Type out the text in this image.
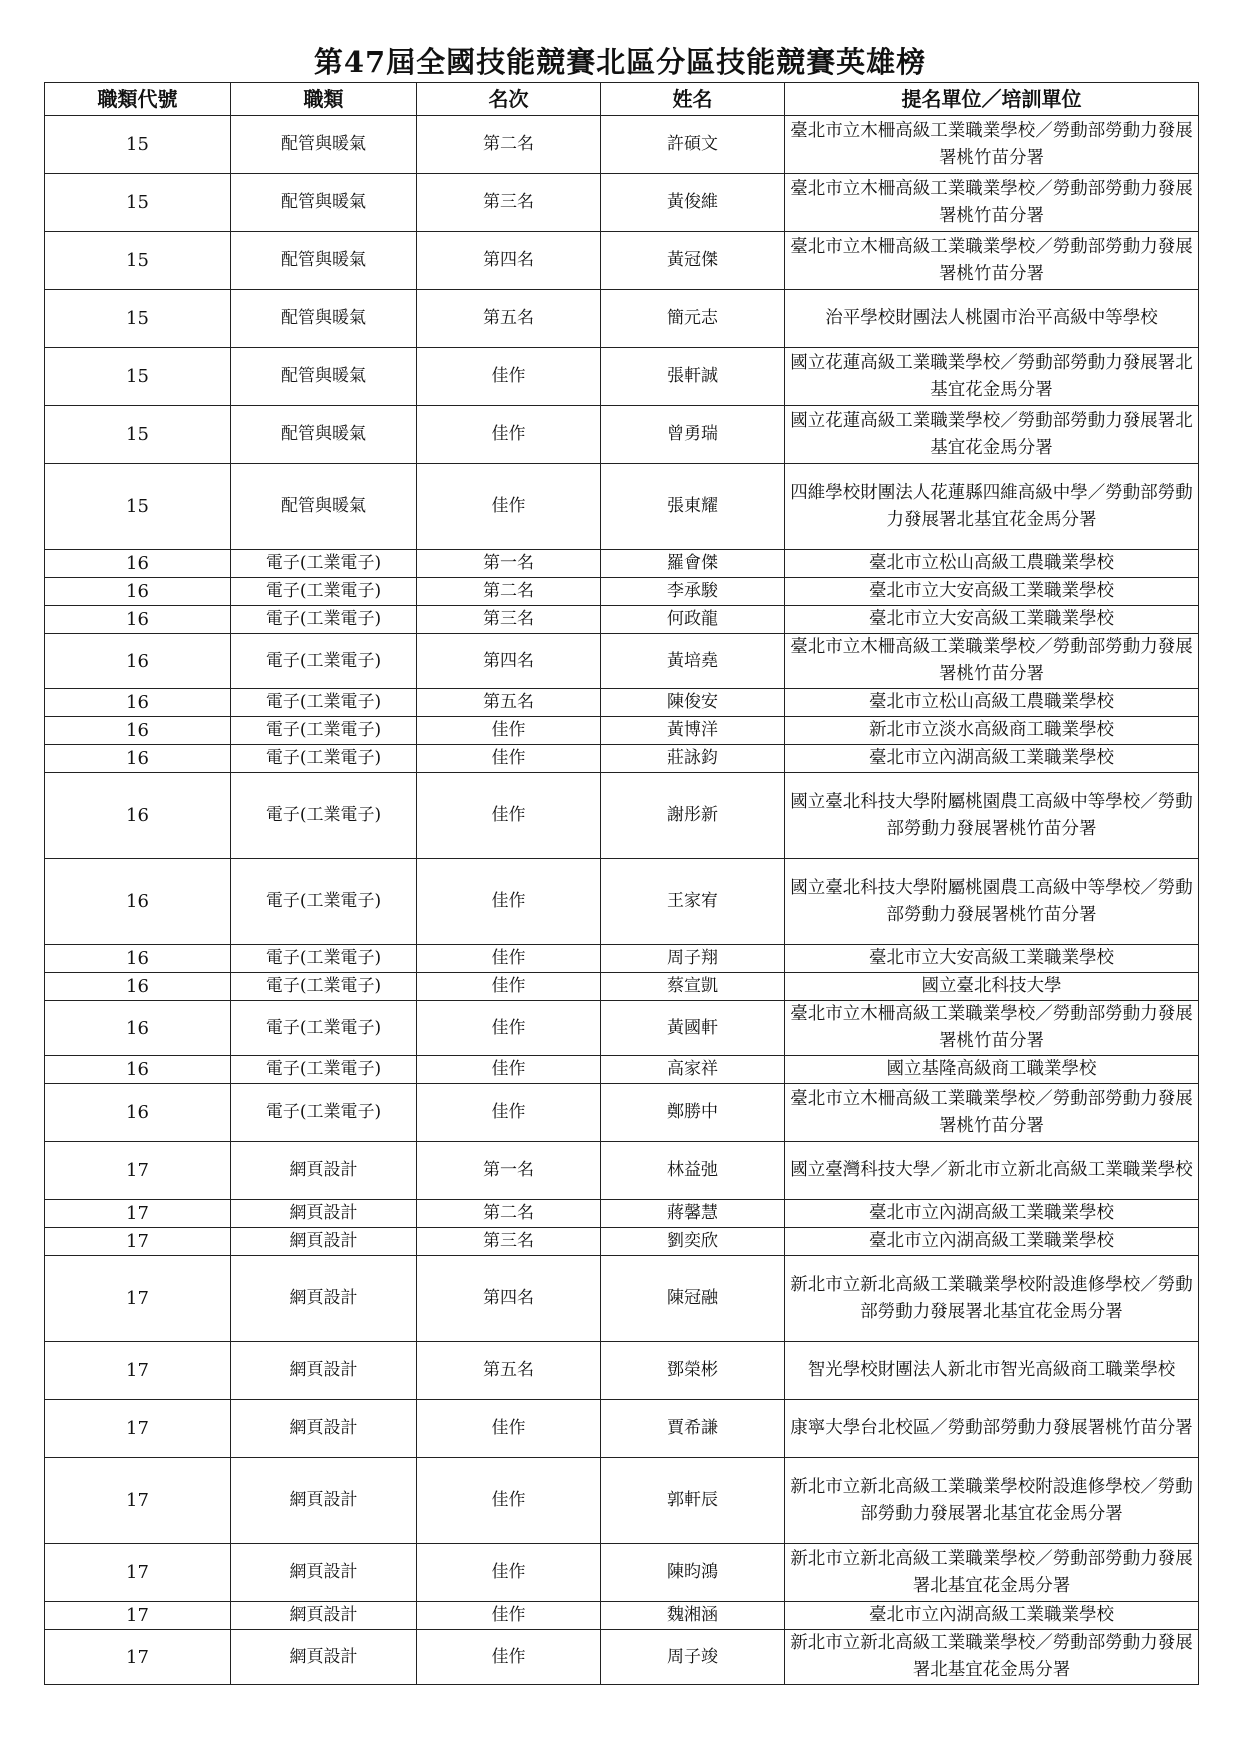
第47屆全國技能競賽北區分區技能競賽英雄榜
職類代號	職類	名次	姓名	提名單位／培訓單位
15	配管與暖氣	第二名	許碩文	臺北市立木柵高級工業職業學校／勞動部勞動力發展署桃竹苗分署
15	配管與暖氣	第三名	黃俊維	臺北市立木柵高級工業職業學校／勞動部勞動力發展署桃竹苗分署
15	配管與暖氣	第四名	黃冠傑	臺北市立木柵高級工業職業學校／勞動部勞動力發展署桃竹苗分署
15	配管與暖氣	第五名	簡元志	治平學校財團法人桃園市治平高級中等學校
15	配管與暖氣	佳作	張軒誠	國立花蓮高級工業職業學校／勞動部勞動力發展署北基宜花金馬分署
15	配管與暖氣	佳作	曾勇瑞	國立花蓮高級工業職業學校／勞動部勞動力發展署北基宜花金馬分署
15	配管與暖氣	佳作	張東耀	四維學校財團法人花蓮縣四維高級中學／勞動部勞動力發展署北基宜花金馬分署
16	電子(工業電子)	第一名	羅會傑	臺北市立松山高級工農職業學校
16	電子(工業電子)	第二名	李承駿	臺北市立大安高級工業職業學校
16	電子(工業電子)	第三名	何政龍	臺北市立大安高級工業職業學校
16	電子(工業電子)	第四名	黃培堯	臺北市立木柵高級工業職業學校／勞動部勞動力發展署桃竹苗分署
16	電子(工業電子)	第五名	陳俊安	臺北市立松山高級工農職業學校
16	電子(工業電子)	佳作	黃博洋	新北市立淡水高級商工職業學校
16	電子(工業電子)	佳作	莊詠鈞	臺北市立內湖高級工業職業學校
16	電子(工業電子)	佳作	謝彤新	國立臺北科技大學附屬桃園農工高級中等學校／勞動部勞動力發展署桃竹苗分署
16	電子(工業電子)	佳作	王家宥	國立臺北科技大學附屬桃園農工高級中等學校／勞動部勞動力發展署桃竹苗分署
16	電子(工業電子)	佳作	周子翔	臺北市立大安高級工業職業學校
16	電子(工業電子)	佳作	蔡宣凱	國立臺北科技大學
16	電子(工業電子)	佳作	黃國軒	臺北市立木柵高級工業職業學校／勞動部勞動力發展署桃竹苗分署
16	電子(工業電子)	佳作	高家祥	國立基隆高級商工職業學校
16	電子(工業電子)	佳作	鄭勝中	臺北市立木柵高級工業職業學校／勞動部勞動力發展署桃竹苗分署
17	網頁設計	第一名	林益弛	國立臺灣科技大學／新北市立新北高級工業職業學校
17	網頁設計	第二名	蔣馨慧	臺北市立內湖高級工業職業學校
17	網頁設計	第三名	劉奕欣	臺北市立內湖高級工業職業學校
17	網頁設計	第四名	陳冠融	新北市立新北高級工業職業學校附設進修學校／勞動部勞動力發展署北基宜花金馬分署
17	網頁設計	第五名	鄧榮彬	智光學校財團法人新北市智光高級商工職業學校
17	網頁設計	佳作	賈希謙	康寧大學台北校區／勞動部勞動力發展署桃竹苗分署
17	網頁設計	佳作	郭軒辰	新北市立新北高級工業職業學校附設進修學校／勞動部勞動力發展署北基宜花金馬分署
17	網頁設計	佳作	陳昀鴻	新北市立新北高級工業職業學校／勞動部勞動力發展署北基宜花金馬分署
17	網頁設計	佳作	魏湘涵	臺北市立內湖高級工業職業學校
17	網頁設計	佳作	周子竣	新北市立新北高級工業職業學校／勞動部勞動力發展署北基宜花金馬分署
